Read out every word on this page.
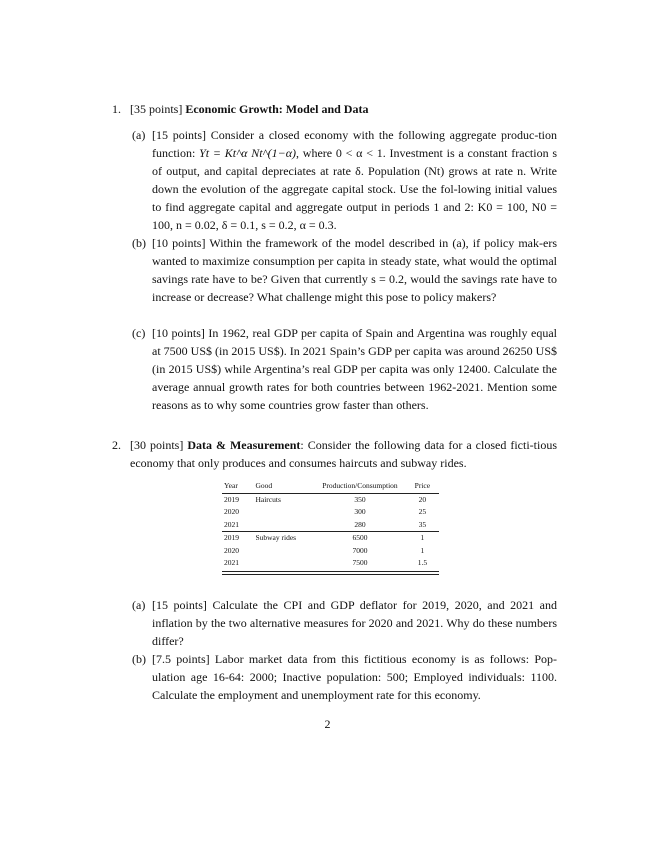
1. [35 points] Economic Growth: Model and Data
(a) [15 points] Consider a closed economy with the following aggregate produc-tion function: Yt = Kt^α Nt^(1−α), where 0 < α < 1. Investment is a constant fraction s of output, and capital depreciates at rate δ. Population (Nt) grows at rate n. Write down the evolution of the aggregate capital stock. Use the fol-lowing initial values to find aggregate capital and aggregate output in periods 1 and 2: K0 = 100, N0 = 100, n = 0.02, δ = 0.1, s = 0.2, α = 0.3.
(b) [10 points] Within the framework of the model described in (a), if policy mak-ers wanted to maximize consumption per capita in steady state, what would the optimal savings rate have to be? Given that currently s = 0.2, would the savings rate have to increase or decrease? What challenge might this pose to policy makers?
(c) [10 points] In 1962, real GDP per capita of Spain and Argentina was roughly equal at 7500 US$ (in 2015 US$). In 2021 Spain’s GDP per capita was around 26250 US$ (in 2015 US$) while Argentina’s real GDP per capita was only 12400. Calculate the average annual growth rates for both countries between 1962-2021. Mention some reasons as to why some countries grow faster than others.
2. [30 points] Data & Measurement: Consider the following data for a closed ficti-tious economy that only produces and consumes haircuts and subway rides.
Year	Good	Production/Consumption	Price
2019	Haircuts	350	20
2020		300	25
2021		280	35
2019	Subway rides	6500	1
2020		7000	1
2021		7500	1.5
(a) [15 points] Calculate the CPI and GDP deflator for 2019, 2020, and 2021 and inflation by the two alternative measures for 2020 and 2021. Why do these numbers differ?
(b) [7.5 points] Labor market data from this fictitious economy is as follows: Pop-ulation age 16-64: 2000; Inactive population: 500; Employed individuals: 1100. Calculate the employment and unemployment rate for this economy.
2
